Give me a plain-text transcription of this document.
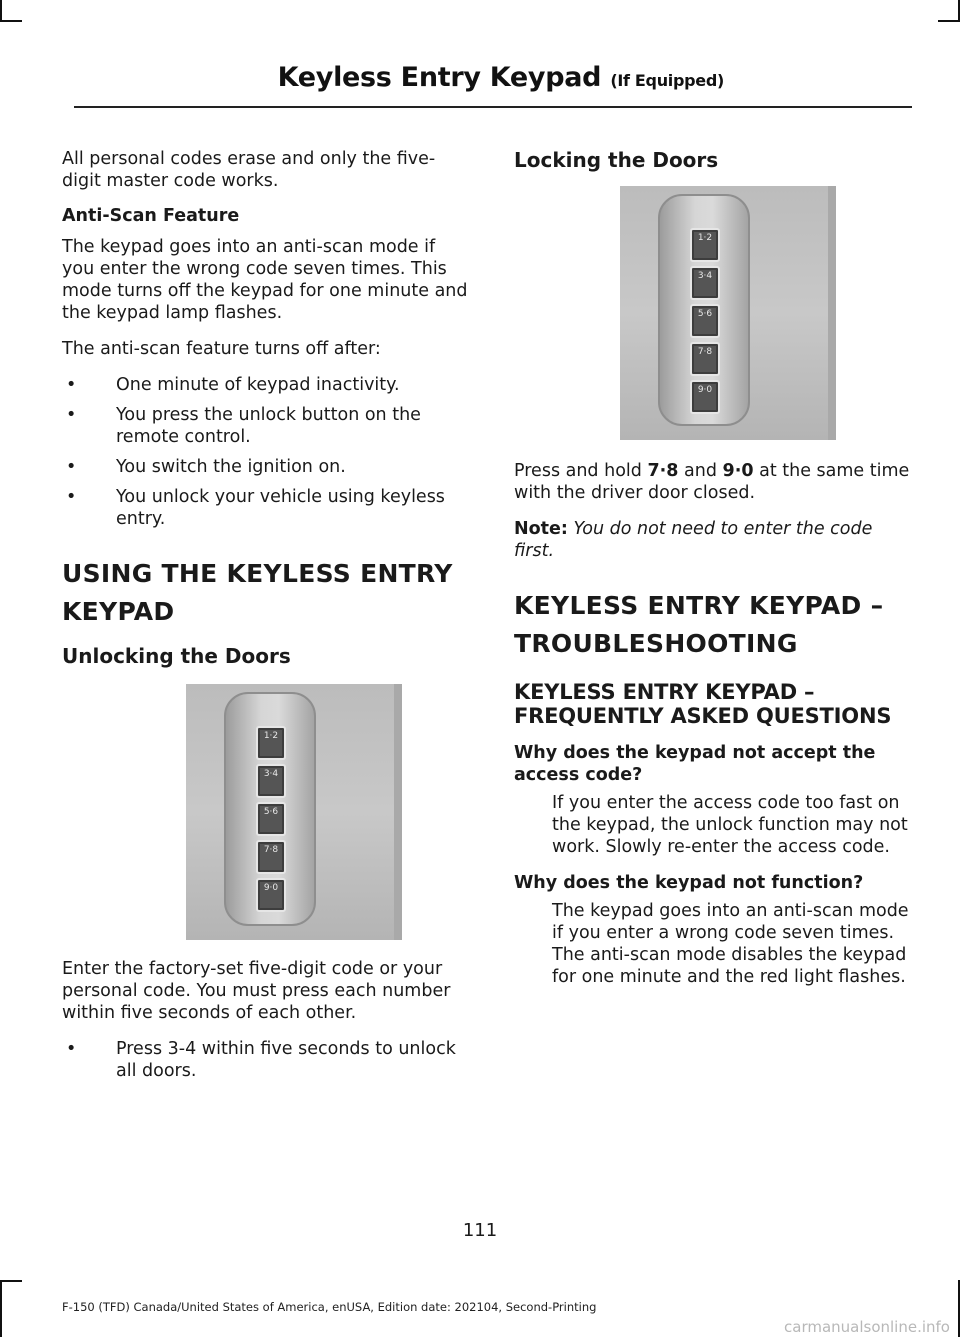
Keyless Entry Keypad (If Equipped)

All personal codes erase and only the five-digit master code works.

Anti-Scan Feature

The keypad goes into an anti-scan mode if you enter the wrong code seven times. This mode turns off the keypad for one minute and the keypad lamp flashes.

The anti-scan feature turns off after:

• One minute of keypad inactivity.
• You press the unlock button on the remote control.
• You switch the ignition on.
• You unlock your vehicle using keyless entry.
USING THE KEYLESS ENTRY
KEYPAD
Unlocking the Doors
1·2
3·4
5·6
7·8
9·0

Enter the factory-set five-digit code or your personal code. You must press each number within five seconds of each other.

• Press 3-4 within five seconds to unlock all doors.
Locking the Doors
1·2
3·4
5·6
7·8
9·0

Press and hold 7·8 and 9·0 at the same time with the driver door closed.

Note: You do not need to enter the code first.

KEYLESS ENTRY KEYPAD –
TROUBLESHOOTING
KEYLESS ENTRY KEYPAD –
FREQUENTLY ASKED QUESTIONS
Why does the keypad not accept the access code?

If you enter the access code too fast on the keypad, the unlock function may not work. Slowly re-enter the access code.

Why does the keypad not function?

The keypad goes into an anti-scan mode if you enter a wrong code seven times. The anti-scan mode disables the keypad for one minute and the red light flashes.

111
F-150 (TFD) Canada/United States of America, enUSA, Edition date: 202104, Second-Printing
carmanualsonline.info
